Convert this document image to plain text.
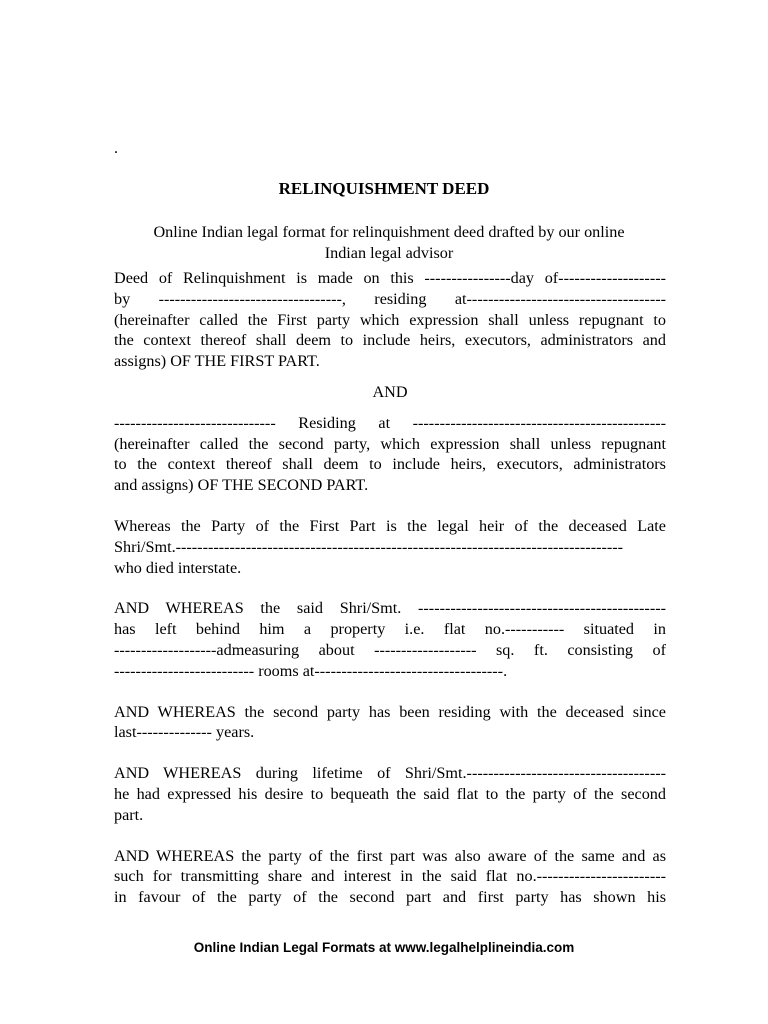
.
RELINQUISHMENT DEED
Online Indian legal format for relinquishment deed drafted by our online
Indian legal advisor

Deed of Relinquishment is made on this ----------------day of--------------------
by ----------------------------------, residing at-------------------------------------
(hereinafter called the First party which expression shall unless repugnant to
the context thereof shall deem to include heirs, executors, administrators and
assigns) OF THE FIRST PART.

AND

------------------------------ Residing at -----------------------------------------------
(hereinafter called the second party, which expression shall unless repugnant
to the context thereof shall deem to include heirs, executors, administrators
and assigns) OF THE SECOND PART.

Whereas the Party of the First Part is the legal heir of the deceased Late
Shri/Smt.-----------------------------------------------------------------------------------
who died interstate.

AND WHEREAS the said Shri/Smt. ----------------------------------------------
has left behind him a property i.e. flat no.----------- situated in
-------------------admeasuring about ------------------- sq. ft. consisting of
-------------------------- rooms at-----------------------------------.

AND WHEREAS the second party has been residing with the deceased since
last-------------- years.

AND WHEREAS during lifetime of Shri/Smt.-------------------------------------
he had expressed his desire to bequeath the said flat to the party of the second
part.

AND WHEREAS the party of the first part was also aware of the same and as
such for transmitting share and interest in the said flat no.------------------------
in favour of the party of the second part and first party has shown his

Online Indian Legal Formats at www.legalhelplineindia.com
